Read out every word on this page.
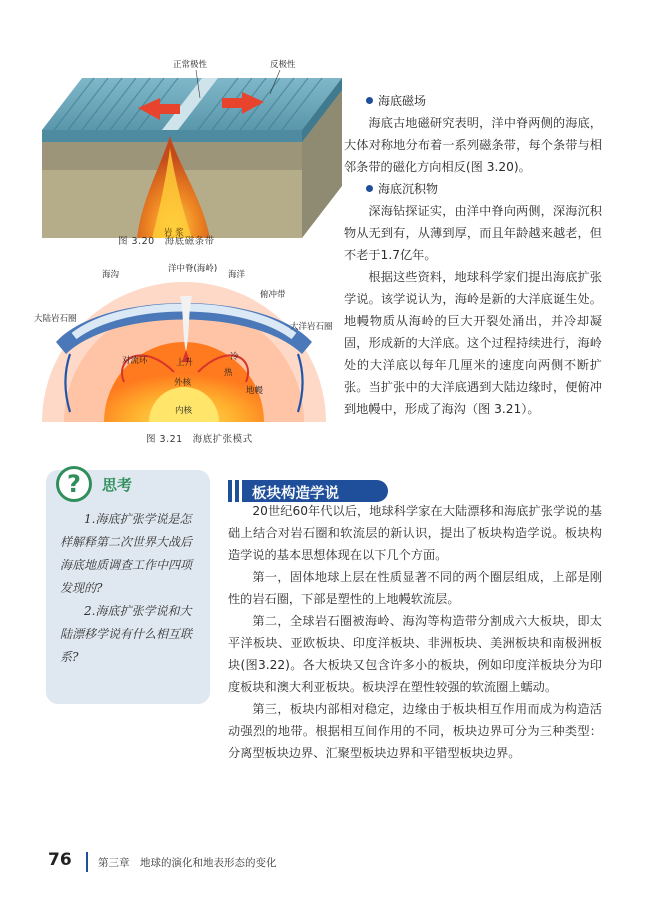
正常极性	反极性
岩 浆
图 3.20　海底磁条带
海沟
洋中脊(海岭)
海洋
俯冲带
大陆岩石圈
大洋岩石圈
对流环	上升
冷
热
外核
地幔
内核
图 3.21　海底扩张模式
海底磁场

海底古地磁研究表明，洋中脊两侧的海底，大体对称地分布着一系列磁条带，每个条带与相邻条带的磁化方向相反(图 3.20)。

海底沉积物

深海钻探证实，由洋中脊向两侧，深海沉积物从无到有，从薄到厚，而且年龄越来越老，但不老于1.7亿年。

根据这些资料，地球科学家们提出海底扩张学说。该学说认为，海岭是新的大洋底诞生处。地幔物质从海岭的巨大开裂处涌出，并冷却凝固，形成新的大洋底。这个过程持续进行，海岭处的大洋底以每年几厘米的速度向两侧不断扩张。当扩张中的大洋底遇到大陆边缘时，便俯冲到地幔中，形成了海沟（图 3.21）。

?	思考

1.海底扩张学说是怎样解释第二次世界大战后海底地质调查工作中四项发现的?

2.海底扩张学说和大陆漂移学说有什么相互联系?

板块构造学说

20世纪60年代以后，地球科学家在大陆漂移和海底扩张学说的基础上结合对岩石圈和软流层的新认识，提出了板块构造学说。板块构造学说的基本思想体现在以下几个方面。

第一，固体地球上层在性质显著不同的两个圈层组成，上部是刚性的岩石圈，下部是塑性的上地幔软流层。

第二，全球岩石圈被海岭、海沟等构造带分割成六大板块，即太平洋板块、亚欧板块、印度洋板块、非洲板块、美洲板块和南极洲板块(图3.22)。各大板块又包含许多小的板块，例如印度洋板块分为印度板块和澳大利亚板块。板块浮在塑性较强的软流圈上蠕动。

第三，板块内部相对稳定，边缘由于板块相互作用而成为构造活动强烈的地带。根据相互间作用的不同，板块边界可分为三种类型：分离型板块边界、汇聚型板块边界和平错型板块边界。

76	第三章　地球的演化和地表形态的变化
